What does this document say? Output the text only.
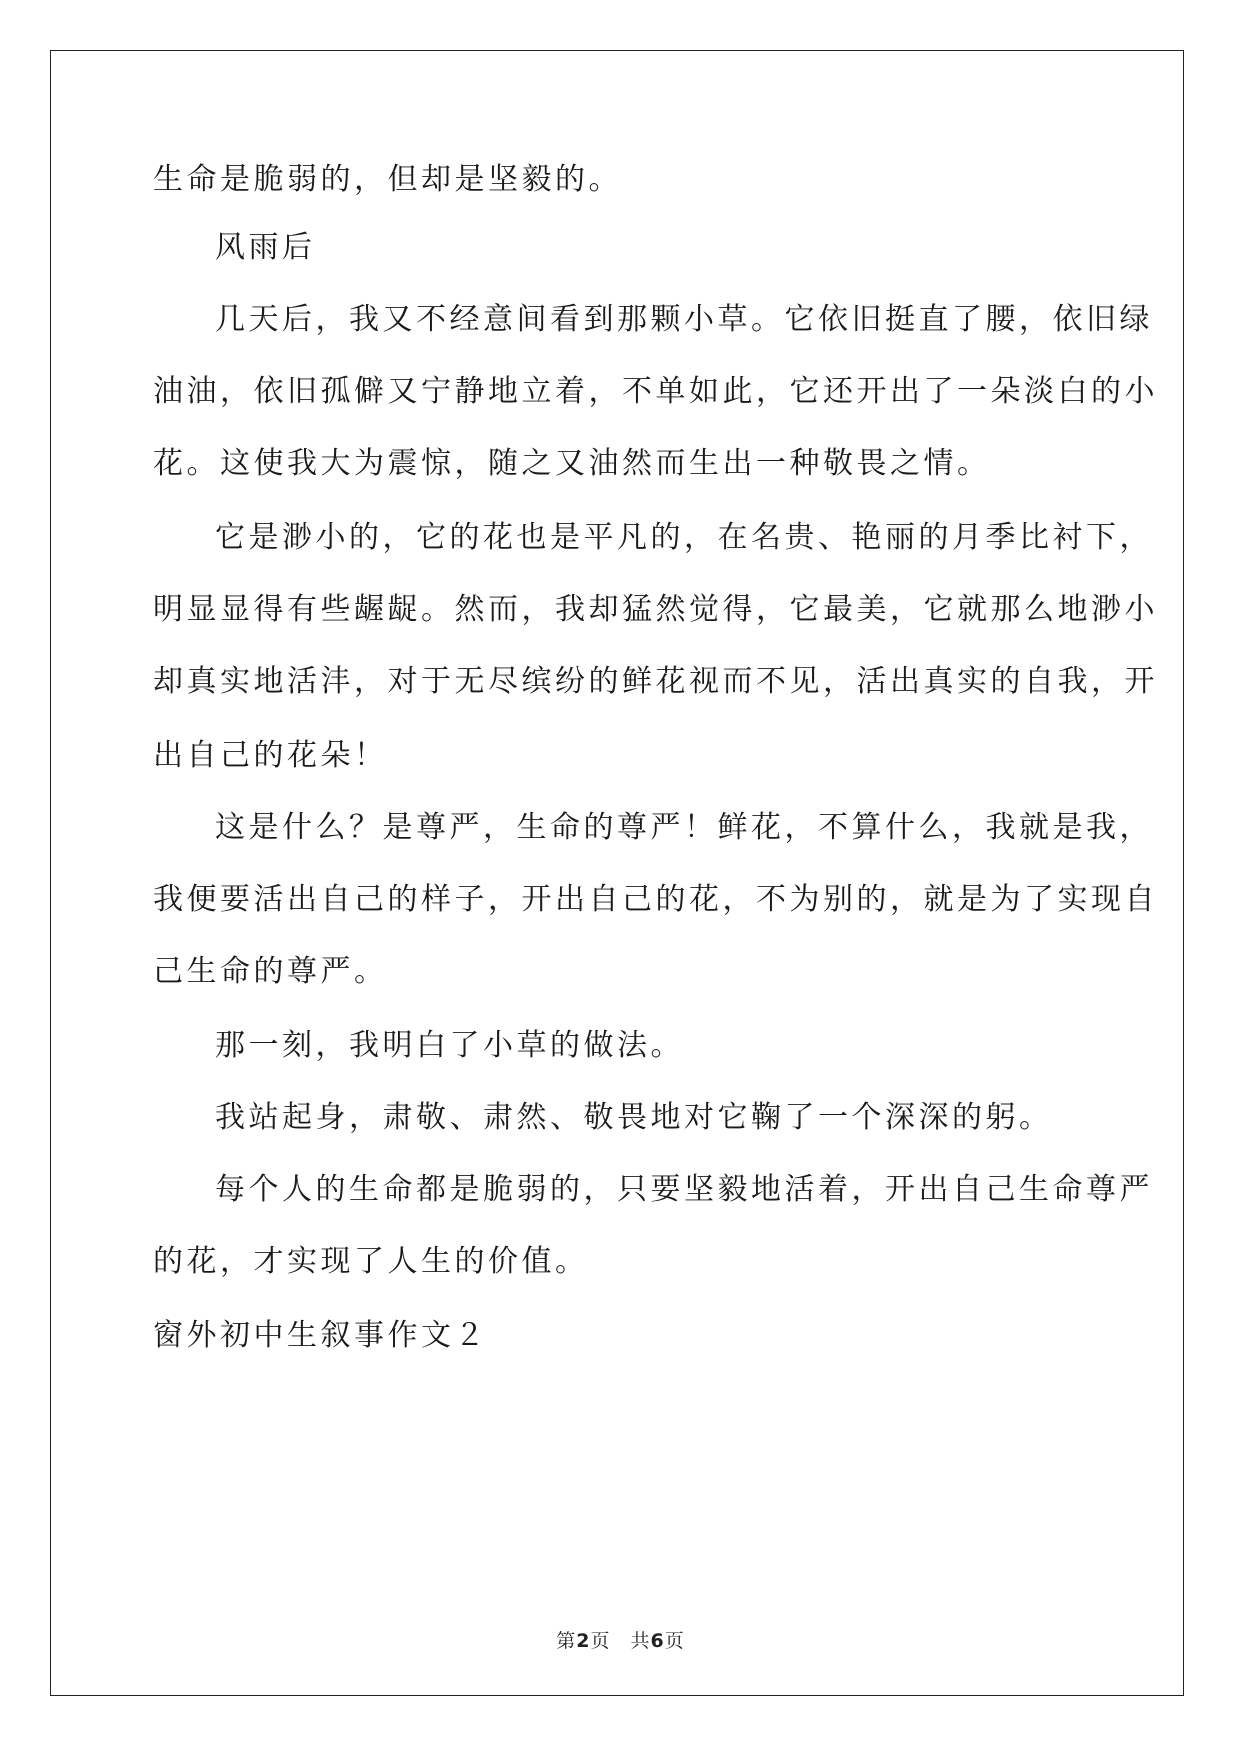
生命是脆弱的，但却是坚毅的。
风雨后
几天后，我又不经意间看到那颗小草。它依旧挺直了腰，依旧绿
油油，依旧孤僻又宁静地立着，不单如此，它还开出了一朵淡白的小
花。这使我大为震惊，随之又油然而生出一种敬畏之情。
它是渺小的，它的花也是平凡的，在名贵、艳丽的月季比衬下，
明显显得有些龌龊。然而，我却猛然觉得，它最美，它就那么地渺小
却真实地活沣，对于无尽缤纷的鲜花视而不见，活出真实的自我，开
出自己的花朵！
这是什么？是尊严，生命的尊严！鲜花，不算什么，我就是我，
我便要活出自己的样子，开出自己的花，不为别的，就是为了实现自
己生命的尊严。
那一刻，我明白了小草的做法。
我站起身，肃敬、肃然、敬畏地对它鞠了一个深深的躬。
每个人的生命都是脆弱的，只要坚毅地活着，开出自己生命尊严
的花，才实现了人生的价值。
窗外初中生叙事作文２
第2页　共6页
